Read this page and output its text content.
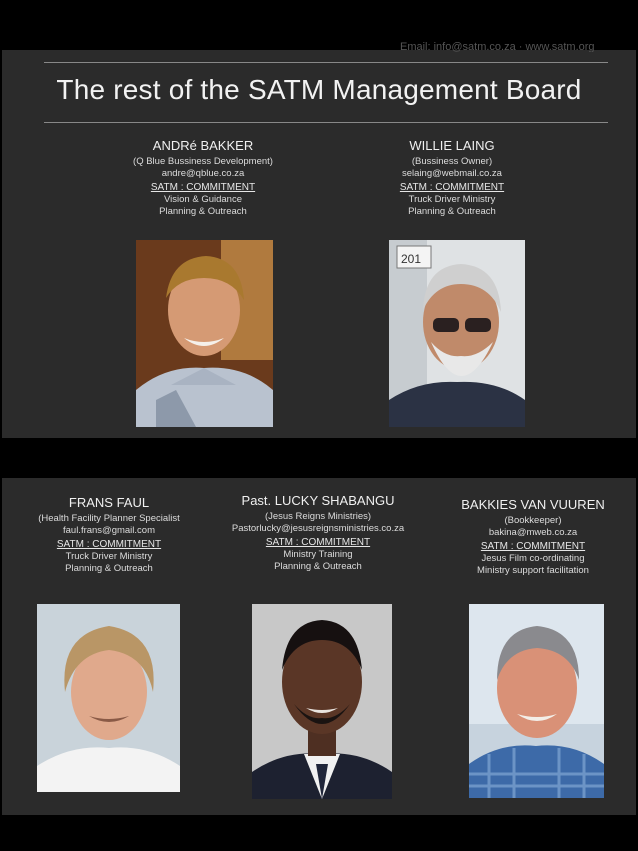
Email: info@satm.co.za · www.satm.org
The rest of the SATM Management Board
ANDRé BAKKER
(Q Blue Bussiness Development)
andre@qblue.co.za
SATM : COMMITMENT
Vision & Guidance
Planning & Outreach
WILLIE LAING
(Bussiness Owner)
selaing@webmail.co.za
SATM : COMMITMENT
Truck Driver Ministry
Planning & Outreach
201
FRANS FAUL
(Health Facility Planner Specialist
faul.frans@gmail.com
SATM : COMMITMENT
Truck Driver Ministry
Planning & Outreach
Past. LUCKY SHABANGU
(Jesus Reigns Ministries)
Pastorlucky@jesusreignsministries.co.za
SATM : COMMITMENT
Ministry Training
Planning & Outreach
BAKKIES VAN VUUREN
(Bookkeeper)
bakina@mweb.co.za
SATM : COMMITMENT
Jesus Film co-ordinating
Ministry support facilitation
